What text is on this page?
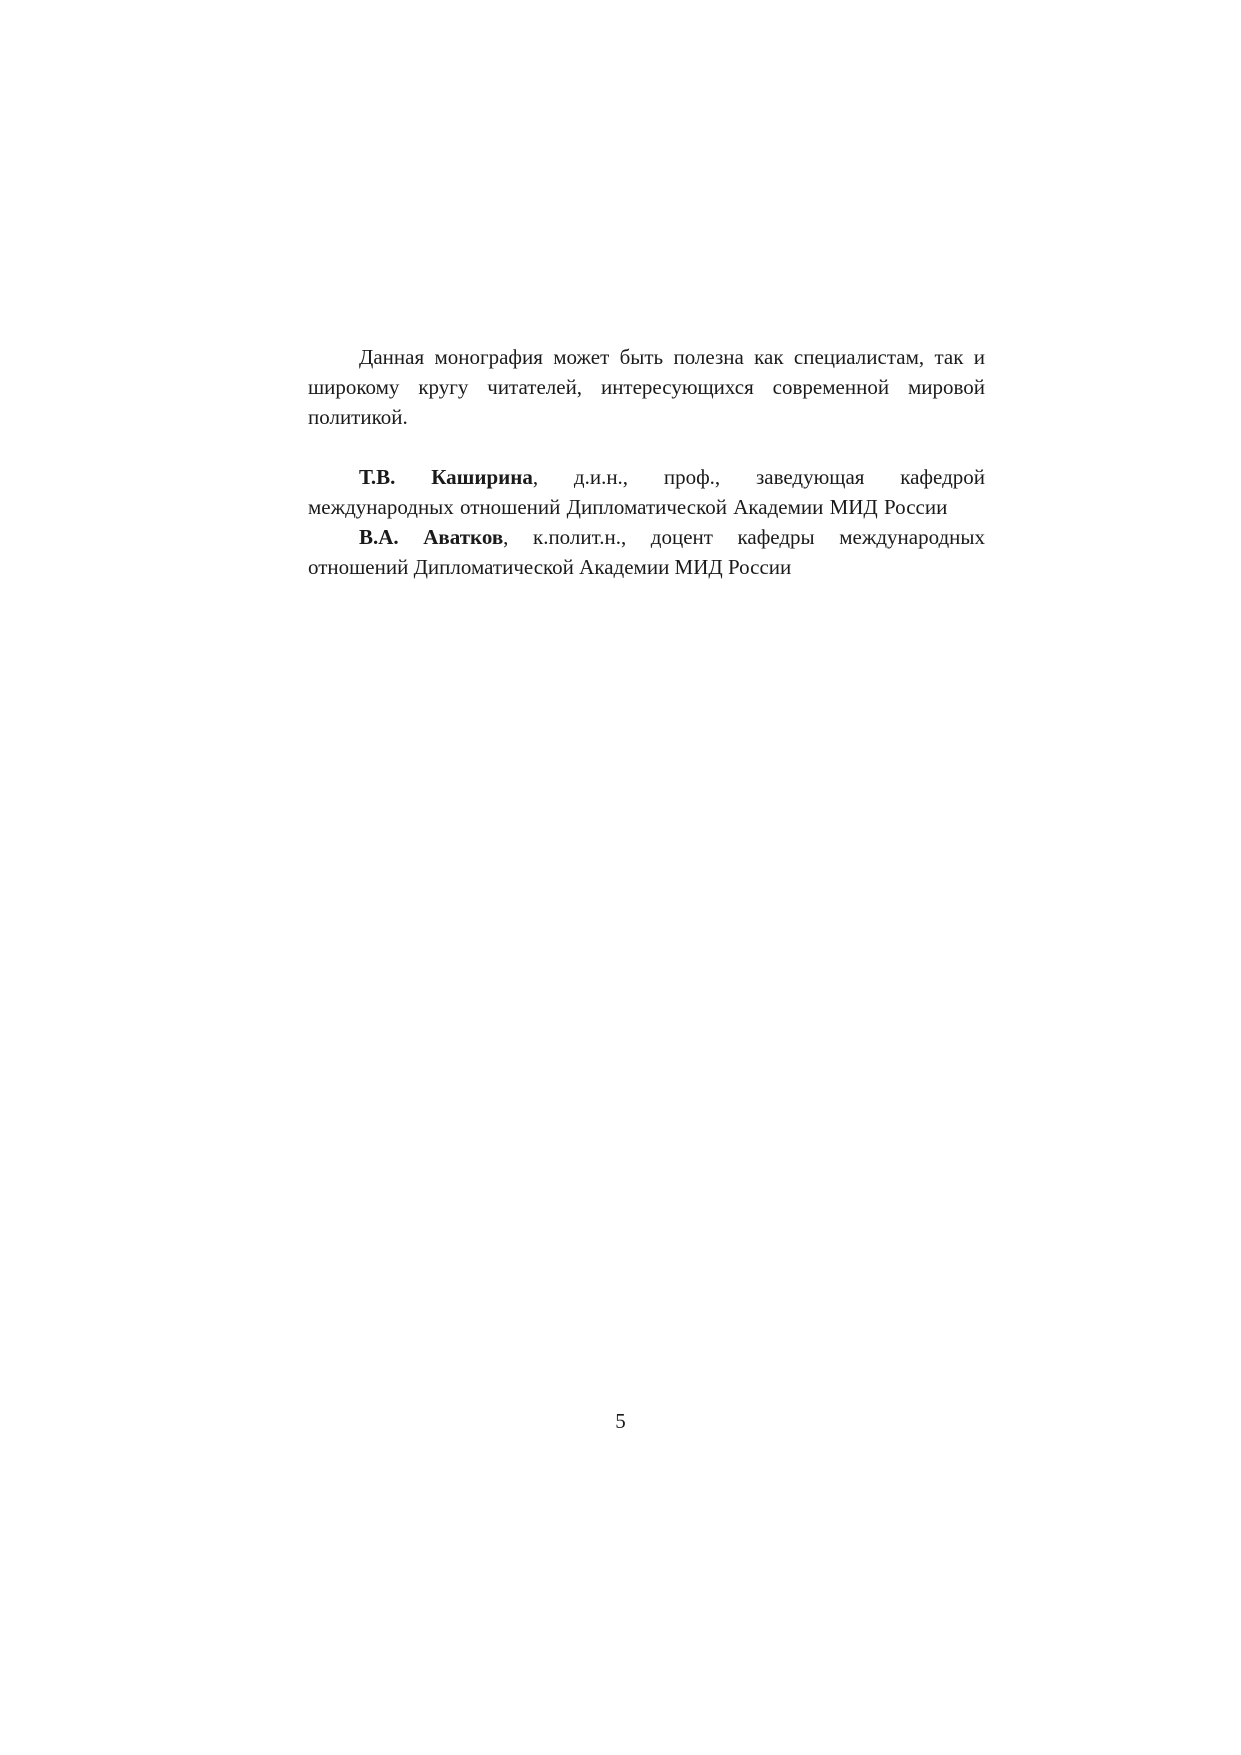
Данная монография может быть полезна как специалистам, так и широкому кругу читателей, интересующихся современной мировой политикой.

Т.В. Каширина, д.и.н., проф., заведующая кафедрой международных отношений Дипломатической Академии МИД России

В.А. Аватков, к.полит.н., доцент кафедры международных отношений Дипломатической Академии МИД России

5
